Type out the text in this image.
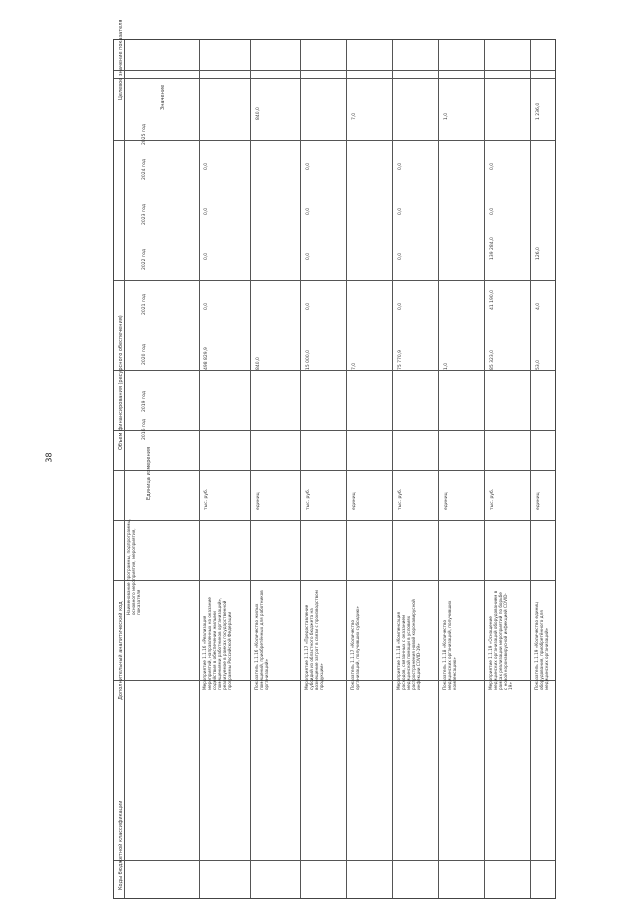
38
Объем финансирования (ресурсного обеспечения)
Целевое значение показателя	Значение
Единица измерения
Наименование программы, подпрограммы, основного мероприятия, мероприятия, показателя
Дополнительный аналитический код
Коды бюджетной классификации
2016 год
2019 год
2020 год
2021 год
2022 год
2023 год
2024 год
2025 год
Мероприятие 1.1.16 «Реализация мероприятий, направленных на оказание содействия в обеспечении жилыми помещениями работников организаций», реализуемое в рамках государственной программы Российской Федерации
тыс. руб.
498 829,9
0,0
0,0
0,0
0,0
Показатель 1.1.16 «Количество жилых помещений, приобретённых для работников организаций»
единиц
840,0
840,0
Мероприятие 1.1.17 «Предоставление субсидий из областного бюджета на возмещение затрат в связи с производством продукции»
тыс. руб.
15 000,0
0,0
0,0
0,0
0,0
Показатель 1.1.17 «Количество организаций, получивших субсидию»
единиц
7,0
7,0
Мероприятие 1.1.18 «Компенсация расходов, связанных с оказанием медицинской помощи в условиях распространения новой коронавирусной инфекции COVID-19»
тыс. руб.
75 770,9
0,0
0,0
0,0
0,0
Показатель 1.1.18 «Количество медицинских организаций, получивших компенсацию»
единиц
1,0
1,0
Мероприятие 1.1.19 «Оснащение медицинских организаций оборудованием в рамках реализации мероприятий по борьбе с новой коронавирусной инфекцией COVID-19»
тыс. руб.
85 323,0
41 190,0
139 284,0
0,0
0,0
Показатель 1.1.19 «Количество единиц оборудования, приобретённого для медицинских организаций»
единиц
53,0
4,0
126,0
1 236,0
